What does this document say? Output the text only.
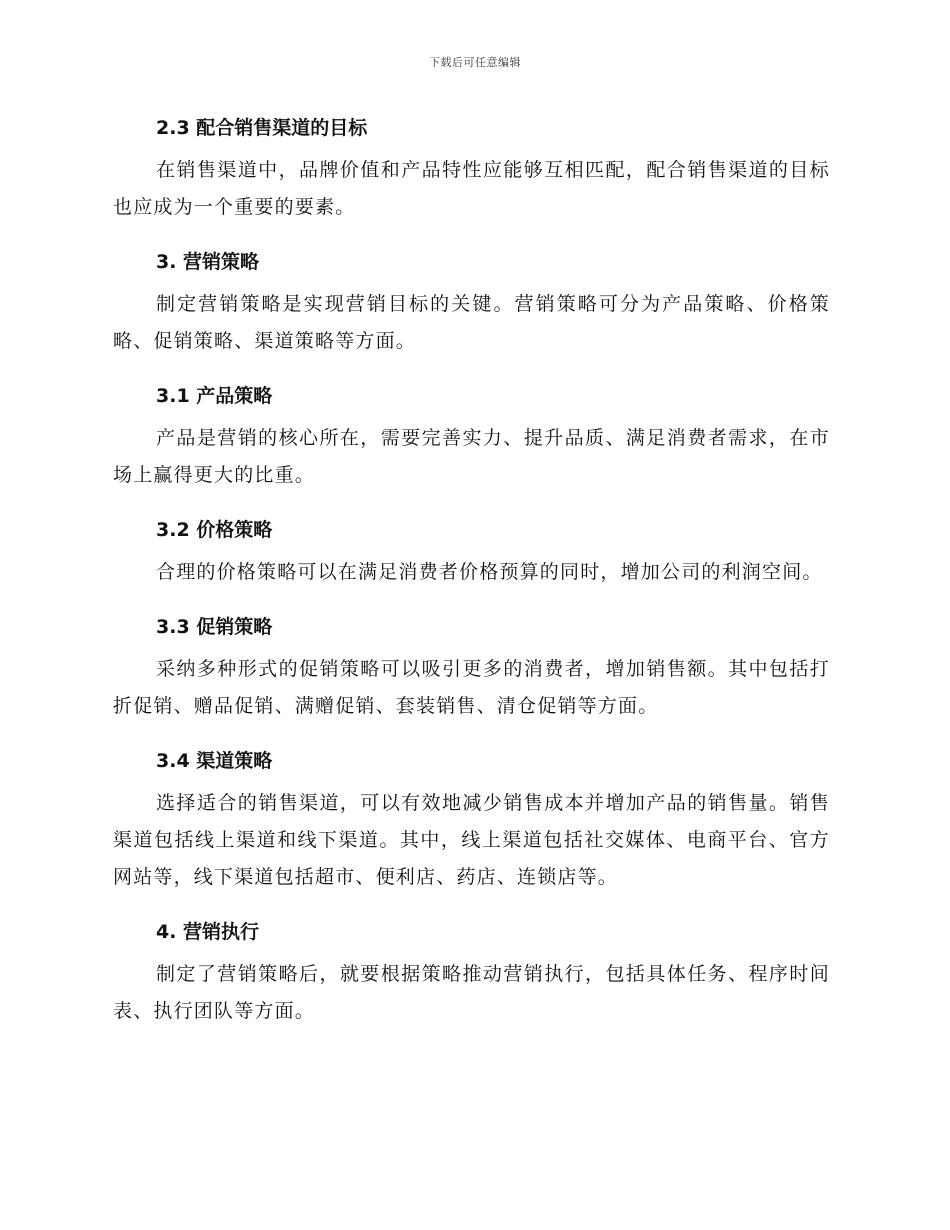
下载后可任意编辑
2.3 配合销售渠道的目标

在销售渠道中，品牌价值和产品特性应能够互相匹配，配合销售渠道的目标也应成为一个重要的要素。

3. 营销策略

制定营销策略是实现营销目标的关键。营销策略可分为产品策略、价格策略、促销策略、渠道策略等方面。

3.1 产品策略

产品是营销的核心所在，需要完善实力、提升品质、满足消费者需求，在市场上赢得更大的比重。

3.2 价格策略

合理的价格策略可以在满足消费者价格预算的同时，增加公司的利润空间。

3.3 促销策略

采纳多种形式的促销策略可以吸引更多的消费者，增加销售额。其中包括打折促销、赠品促销、满赠促销、套装销售、清仓促销等方面。

3.4 渠道策略

选择适合的销售渠道，可以有效地减少销售成本并增加产品的销售量。销售渠道包括线上渠道和线下渠道。其中，线上渠道包括社交媒体、电商平台、官方网站等，线下渠道包括超市、便利店、药店、连锁店等。

4. 营销执行

制定了营销策略后，就要根据策略推动营销执行，包括具体任务、程序时间表、执行团队等方面。
